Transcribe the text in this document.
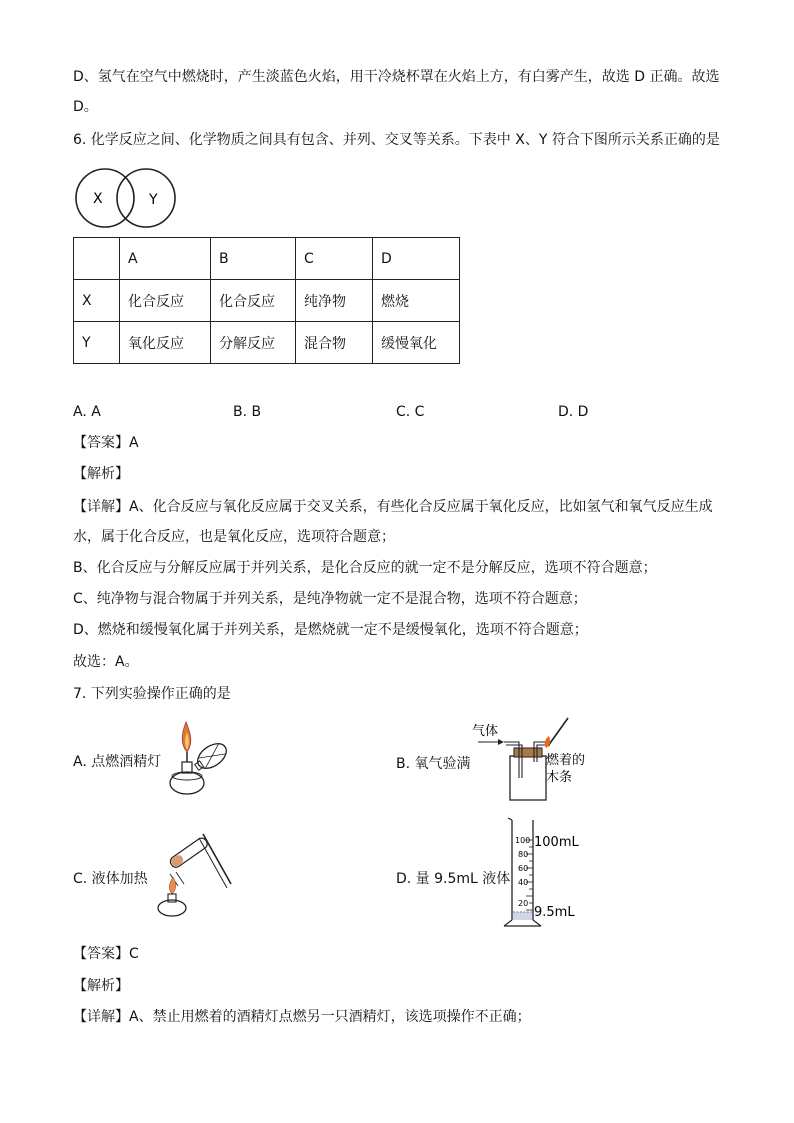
D、氢气在空气中燃烧时，产生淡蓝色火焰，用干冷烧杯罩在火焰上方，有白雾产生，故选 D 正确。故选
D。
6. 化学反应之间、化学物质之间具有包含、并列、交叉等关系。下表中 X、Y 符合下图所示关系正确的是
X	Y
	A	B	C	D
X	化合反应	化合反应	纯净物	燃烧
Y	氧化反应	分解反应	混合物	缓慢氧化
A. A	B. B	C. C	D. D
【答案】A
【解析】
【详解】A、化合反应与氧化反应属于交叉关系，有些化合反应属于氧化反应，比如氢气和氧气反应生成
水，属于化合反应，也是氧化反应，选项符合题意；
B、化合反应与分解反应属于并列关系，是化合反应的就一定不是分解反应，选项不符合题意；
C、纯净物与混合物属于并列关系，是纯净物就一定不是混合物，选项不符合题意；
D、燃烧和缓慢氧化属于并列关系，是燃烧就一定不是缓慢氧化，选项不符合题意；
故选：A。
7. 下列实验操作正确的是
A. 点燃酒精灯	B. 氧气验满
气体
燃着的
木条
C. 液体加热	D. 量 9.5mL 液体
100
80
60
40
20
100mL
9.5mL
【答案】C
【解析】
【详解】A、禁止用燃着的酒精灯点燃另一只酒精灯，该选项操作不正确；
